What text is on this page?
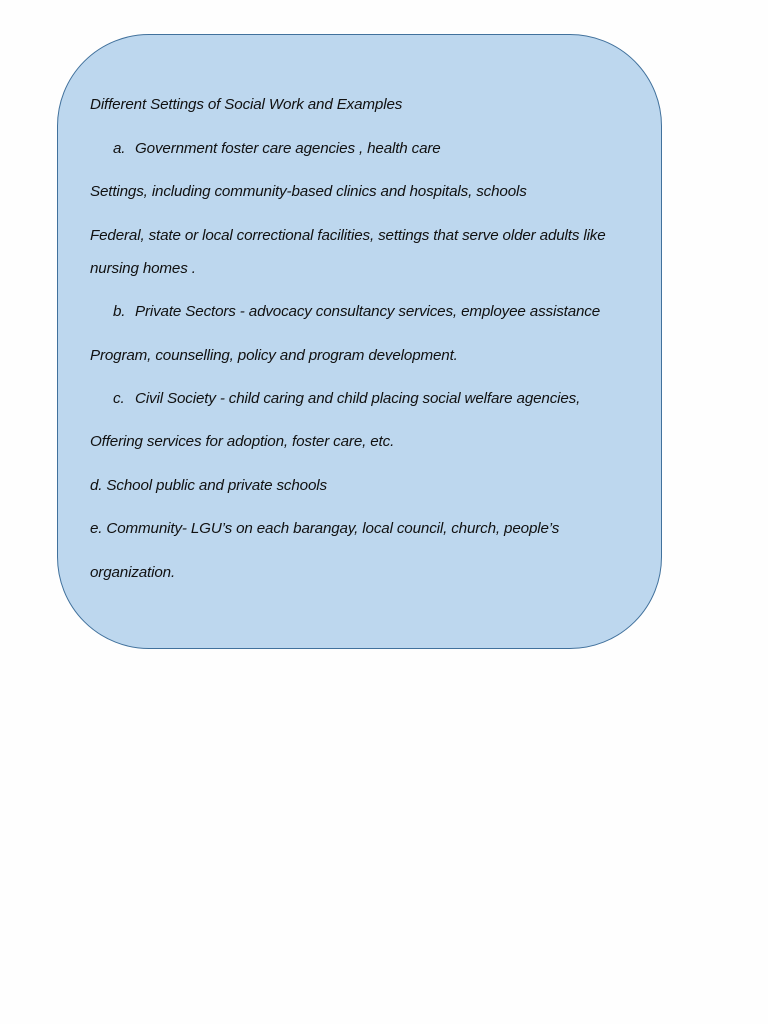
Different Settings of Social Work and Examples
a. Government foster care agencies , health care
Settings, including community-based clinics and hospitals, schools
Federal, state or local correctional facilities, settings that serve older adults like
nursing homes .
b. Private Sectors - advocacy consultancy services, employee assistance
Program, counselling, policy and program development.
c. Civil Society - child caring and child placing social welfare agencies,
Offering services for adoption, foster care, etc.
d. School public and private schools
e. Community- LGU’s on each barangay, local council, church, people’s
organization.
